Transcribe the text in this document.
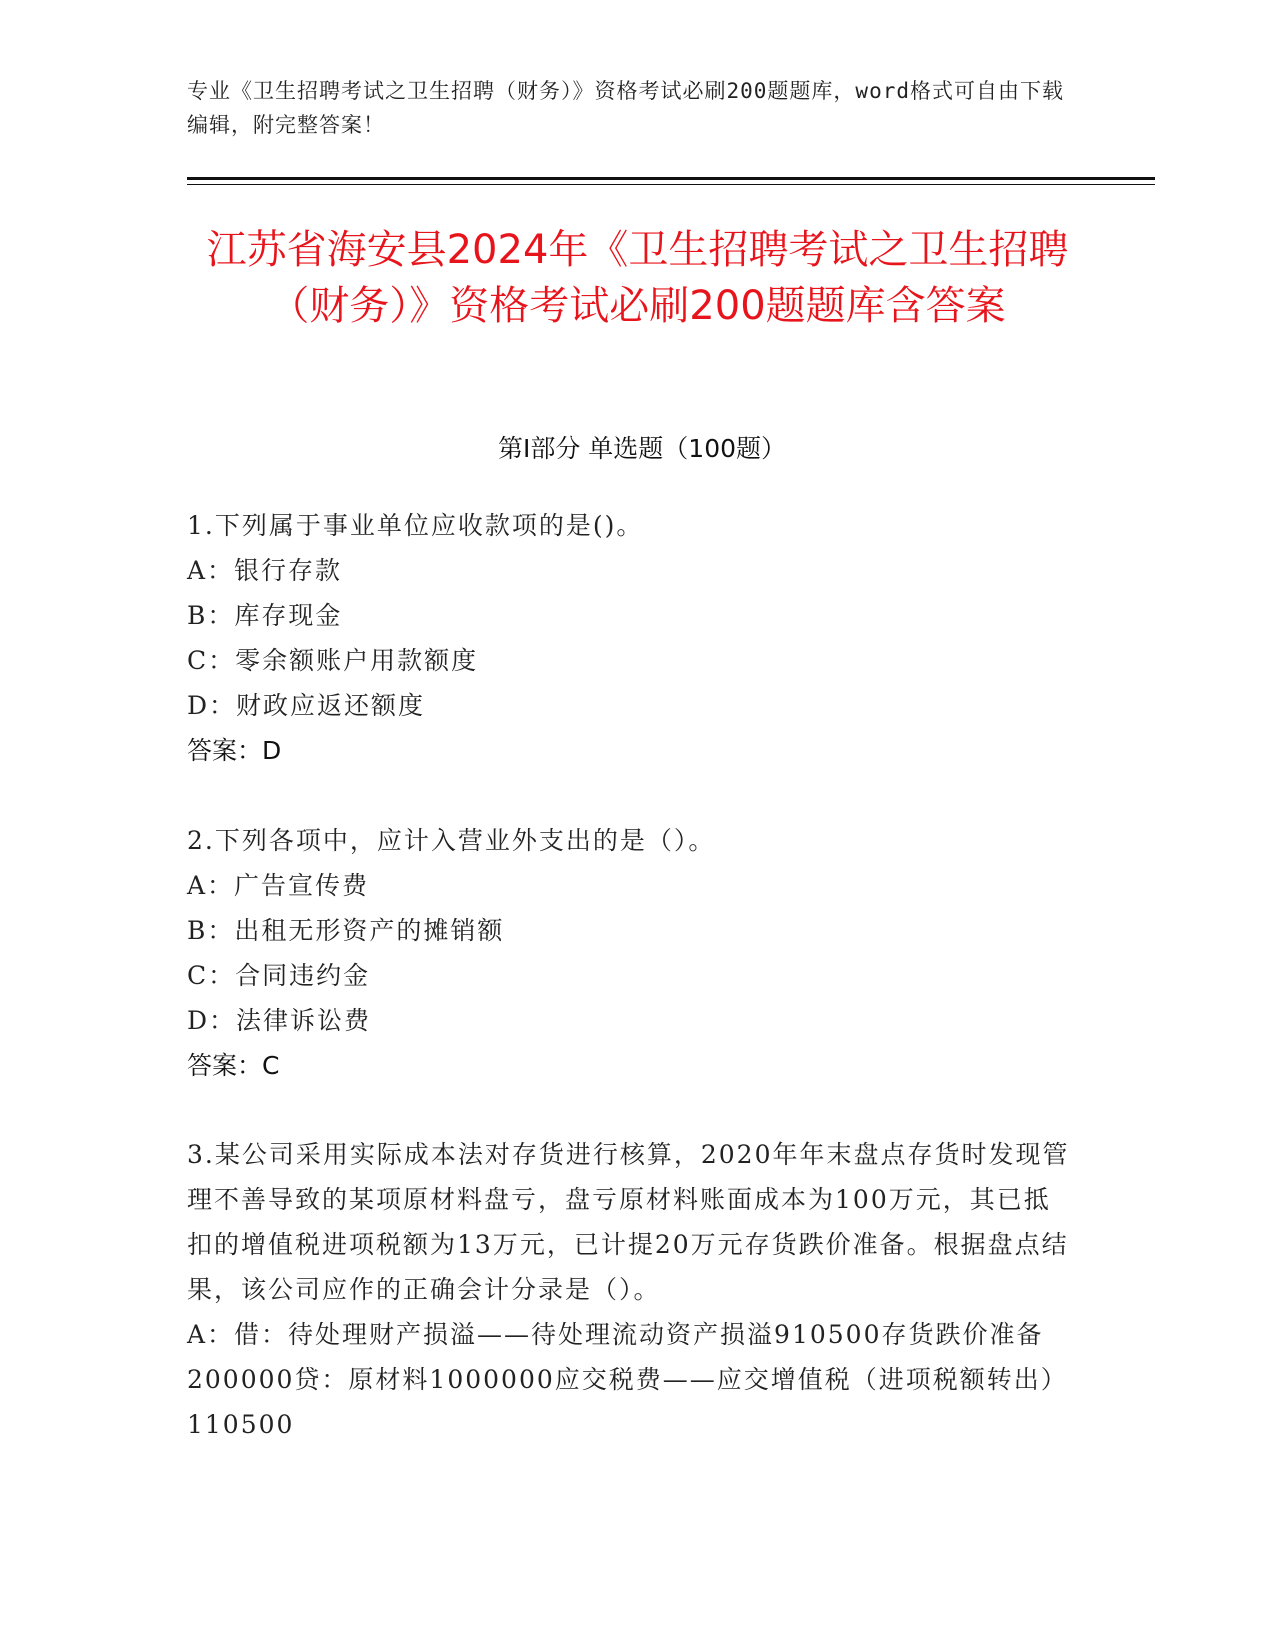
专业《卫生招聘考试之卫生招聘（财务）》资格考试必刷200题题库，word格式可自由下载编辑，附完整答案！
江苏省海安县2024年《卫生招聘考试之卫生招聘（财务）》资格考试必刷200题题库含答案
第Ⅰ部分 单选题（100题）
1.下列属于事业单位应收款项的是()。
A：银行存款
B：库存现金
C：零余额账户用款额度
D：财政应返还额度
答案：D
2.下列各项中，应计入营业外支出的是（）。
A：广告宣传费
B：出租无形资产的摊销额
C：合同违约金
D：法律诉讼费
答案：C
3.某公司采用实际成本法对存货进行核算，2020年年末盘点存货时发现管理不善导致的某项原材料盘亏，盘亏原材料账面成本为100万元，其已抵扣的增值税进项税额为13万元，已计提20万元存货跌价准备。根据盘点结果，该公司应作的正确会计分录是（）。
A：借：待处理财产损溢——待处理流动资产损溢910500存货跌价准备200000贷：原材料1000000应交税费——应交增值税（进项税额转出）110500
